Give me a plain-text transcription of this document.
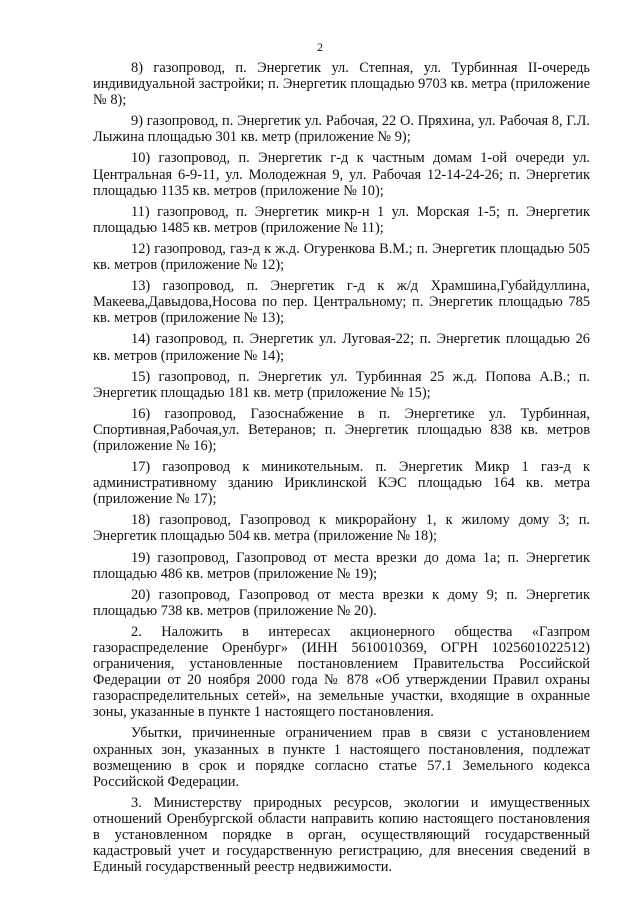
2

8) газопровод, п. Энергетик ул. Степная, ул. Турбинная II-очередь индивидуальной застройки; п. Энергетик площадью 9703 кв. метра (приложение № 8);

9) газопровод, п. Энергетик ул. Рабочая, 22 О. Пряхина, ул. Рабочая 8, Г.Л. Лыжина площадью 301 кв. метр (приложение № 9);

10) газопровод, п. Энергетик г-д к частным домам 1-ой очереди ул. Центральная 6-9-11, ул. Молодежная 9, ул. Рабочая 12-14-24-26; п. Энергетик площадью 1135 кв. метров (приложение № 10);

11) газопровод, п. Энергетик микр-н 1 ул. Морская 1-5; п. Энергетик площадью 1485 кв. метров (приложение № 11);

12) газопровод, газ-д к ж.д. Огуренкова В.М.; п. Энергетик площадью 505 кв. метров (приложение № 12);

13) газопровод, п. Энергетик г-д к ж/д Храмшина,Губайдуллина, Макеева,Давыдова,Носова по пер. Центральному; п. Энергетик площадью 785 кв. метров (приложение № 13);

14) газопровод, п. Энергетик ул. Луговая-22; п. Энергетик площадью 26 кв. метров (приложение № 14);

15) газопровод, п. Энергетик ул. Турбинная 25 ж.д. Попова А.В.; п. Энергетик площадью 181 кв. метр (приложение № 15);

16) газопровод, Газоснабжение в п. Энергетике ул. Турбинная, Спортивная,Рабочая,ул. Ветеранов; п. Энергетик площадью 838 кв. метров (приложение № 16);

17) газопровод к миникотельным. п. Энергетик Микр 1 газ-д к административному зданию Ириклинской КЭС площадью 164 кв. метра (приложение № 17);

18) газопровод, Газопровод к микрорайону 1, к жилому дому 3; п. Энергетик площадью 504 кв. метра (приложение № 18);

19) газопровод, Газопровод от места врезки до дома 1а; п. Энергетик площадью 486 кв. метров (приложение № 19);

20) газопровод, Газопровод от места врезки к дому 9; п. Энергетик площадью 738 кв. метров (приложение № 20).

2. Наложить в интересах акционерного общества «Газпром газораспределение Оренбург» (ИНН 5610010369, ОГРН 1025601022512) ограничения, установленные постановлением Правительства Российской Федерации от 20 ноября 2000 года № 878 «Об утверждении Правил охраны газораспределительных сетей», на земельные участки, входящие в охранные зоны, указанные в пункте 1 настоящего постановления.

Убытки, причиненные ограничением прав в связи с установлением охранных зон, указанных в пункте 1 настоящего постановления, подлежат возмещению в срок и порядке согласно статье 57.1 Земельного кодекса Российской Федерации.

3. Министерству природных ресурсов, экологии и имущественных отношений Оренбургской области направить копию настоящего постановления в установленном порядке в орган, осуществляющий государственный кадастровый учет и государственную регистрацию, для внесения сведений в Единый государственный реестр недвижимости.
